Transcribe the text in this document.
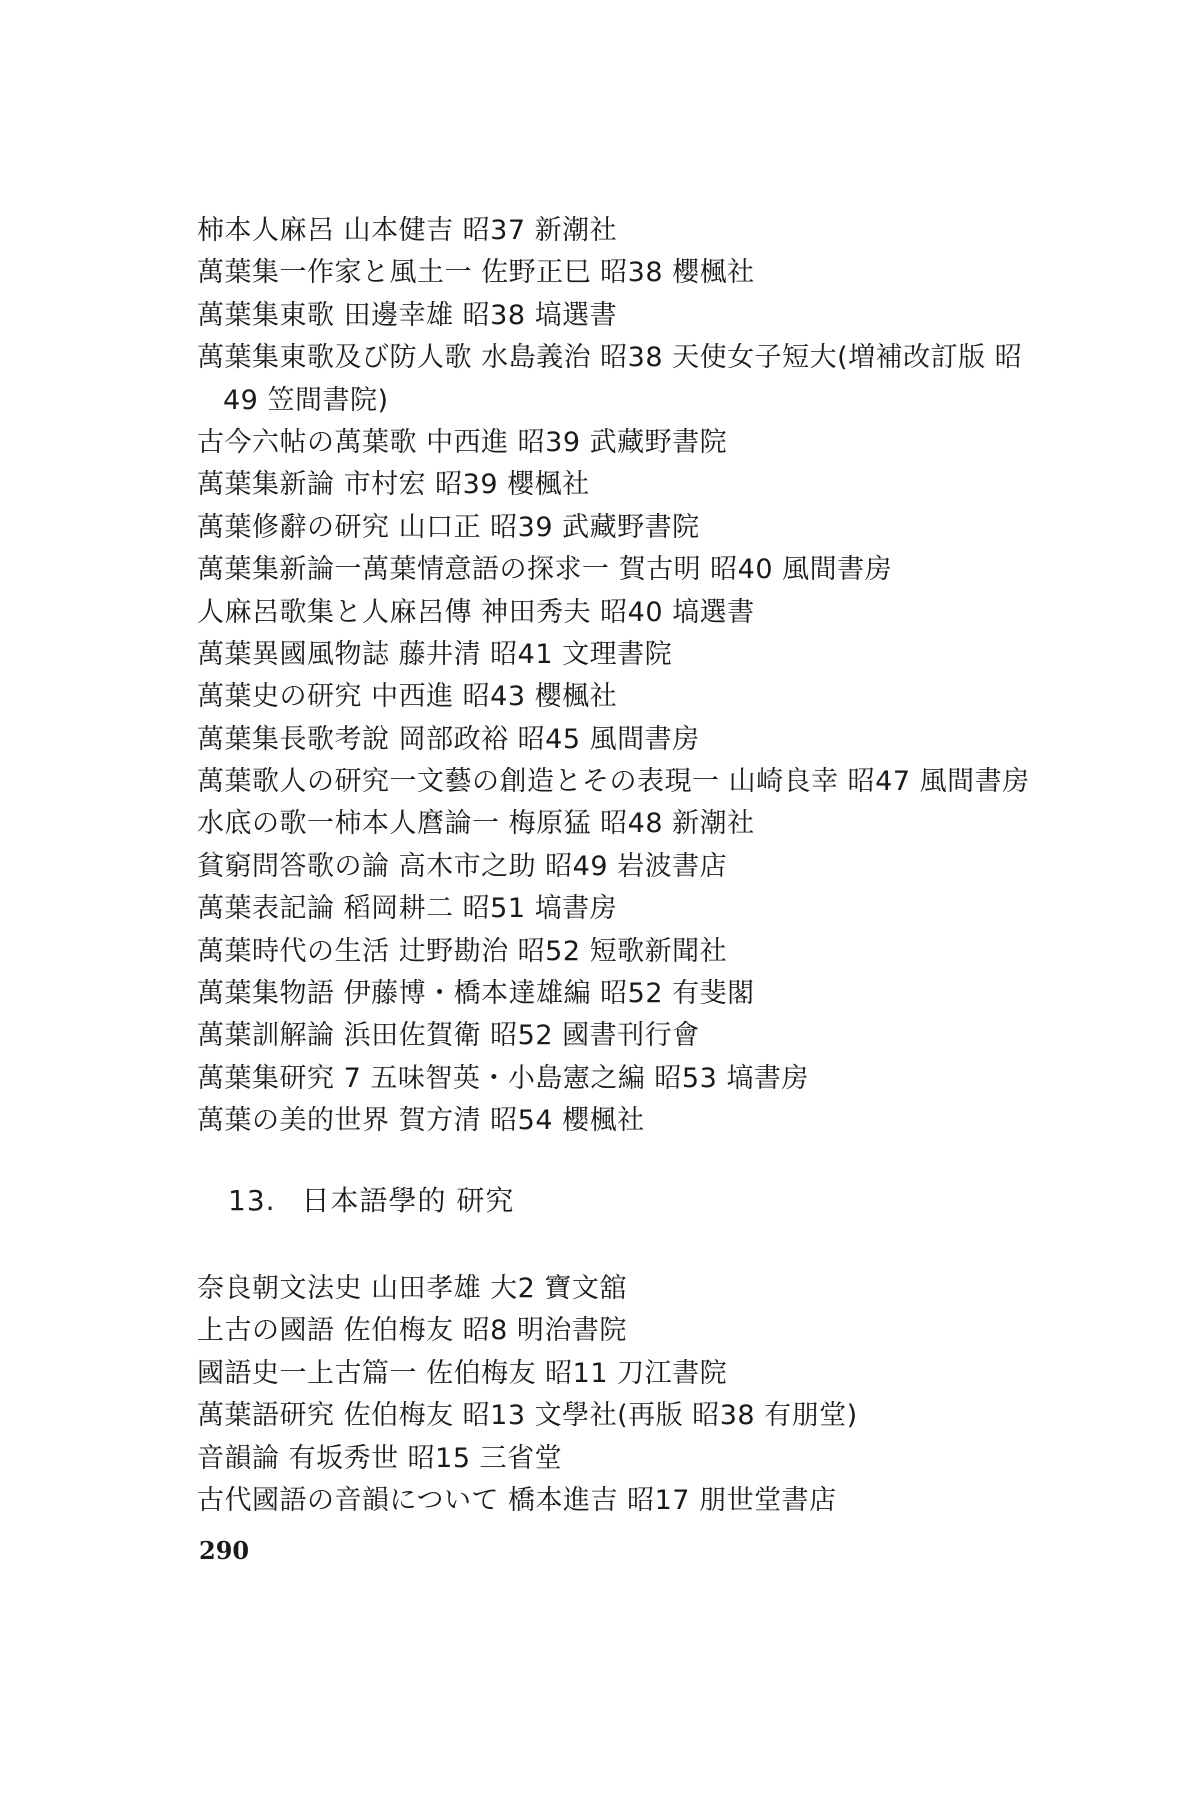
柿本人麻呂 山本健吉 昭37 新潮社
萬葉集一作家と風土一 佐野正巳 昭38 櫻楓社
萬葉集東歌 田邊幸雄 昭38 塙選書
萬葉集東歌及び防人歌 水島義治 昭38 天使女子短大(増補改訂版 昭
49 笠間書院)
古今六帖の萬葉歌 中西進 昭39 武藏野書院
萬葉集新論 市村宏 昭39 櫻楓社
萬葉修辭の研究 山口正 昭39 武藏野書院
萬葉集新論一萬葉情意語の探求一 賀古明 昭40 風間書房
人麻呂歌集と人麻呂傳 神田秀夫 昭40 塙選書
萬葉異國風物誌 藤井清 昭41 文理書院
萬葉史の研究 中西進 昭43 櫻楓社
萬葉集長歌考說 岡部政裕 昭45 風間書房
萬葉歌人の研究一文藝の創造とその表現一 山崎良幸 昭47 風間書房
水底の歌一柿本人麿論一 梅原猛 昭48 新潮社
貧窮問答歌の論 高木市之助 昭49 岩波書店
萬葉表記論 稻岡耕二 昭51 塙書房
萬葉時代の生活 辻野勘治 昭52 短歌新聞社
萬葉集物語 伊藤博・橋本達雄編 昭52 有斐閣
萬葉訓解論 浜田佐賀衛 昭52 國書刊行會
萬葉集研究 7 五味智英・小島憲之編 昭53 塙書房
萬葉の美的世界 賀方清 昭54 櫻楓社
13. 日本語學的 研究
奈良朝文法史 山田孝雄 大2 寶文舘
上古の國語 佐伯梅友 昭8 明治書院
國語史一上古篇一 佐伯梅友 昭11 刀江書院
萬葉語研究 佐伯梅友 昭13 文學社(再版 昭38 有朋堂)
音韻論 有坂秀世 昭15 三省堂
古代國語の音韻について 橋本進吉 昭17 朋世堂書店
290
